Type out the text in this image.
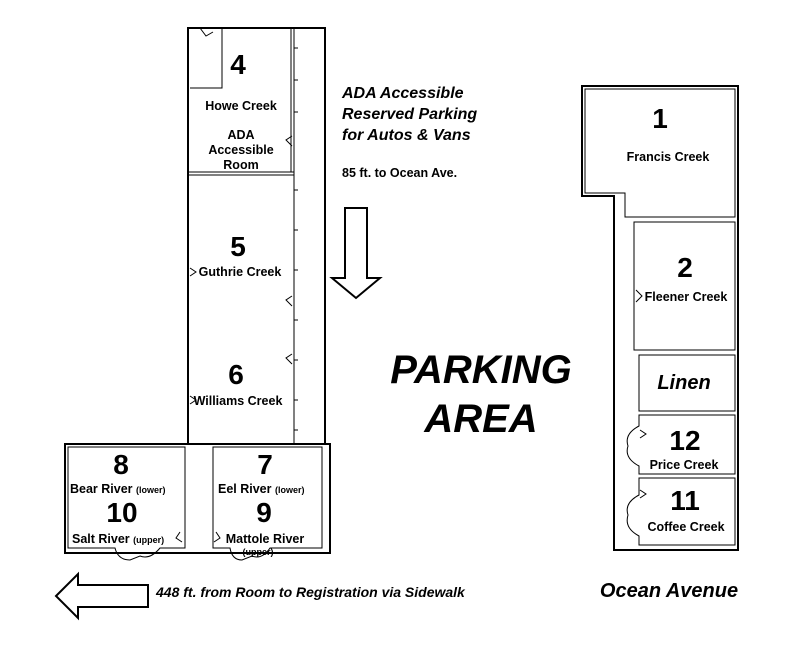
4
Howe Creek
ADA
Accessible
Room
5
Guthrie Creek
6
Williams Creek
8
Bear River (lower)
10
Salt River (upper)
7
Eel River (lower)
9
Mattole River
(upper)
ADA Accessible
Reserved Parking
for Autos & Vans
85 ft. to Ocean Ave.
PARKING
AREA
1
Francis Creek
2
Fleener Creek
Linen
12
Price Creek
11
Coffee Creek
448 ft. from Room to Registration via Sidewalk	Ocean Avenue
